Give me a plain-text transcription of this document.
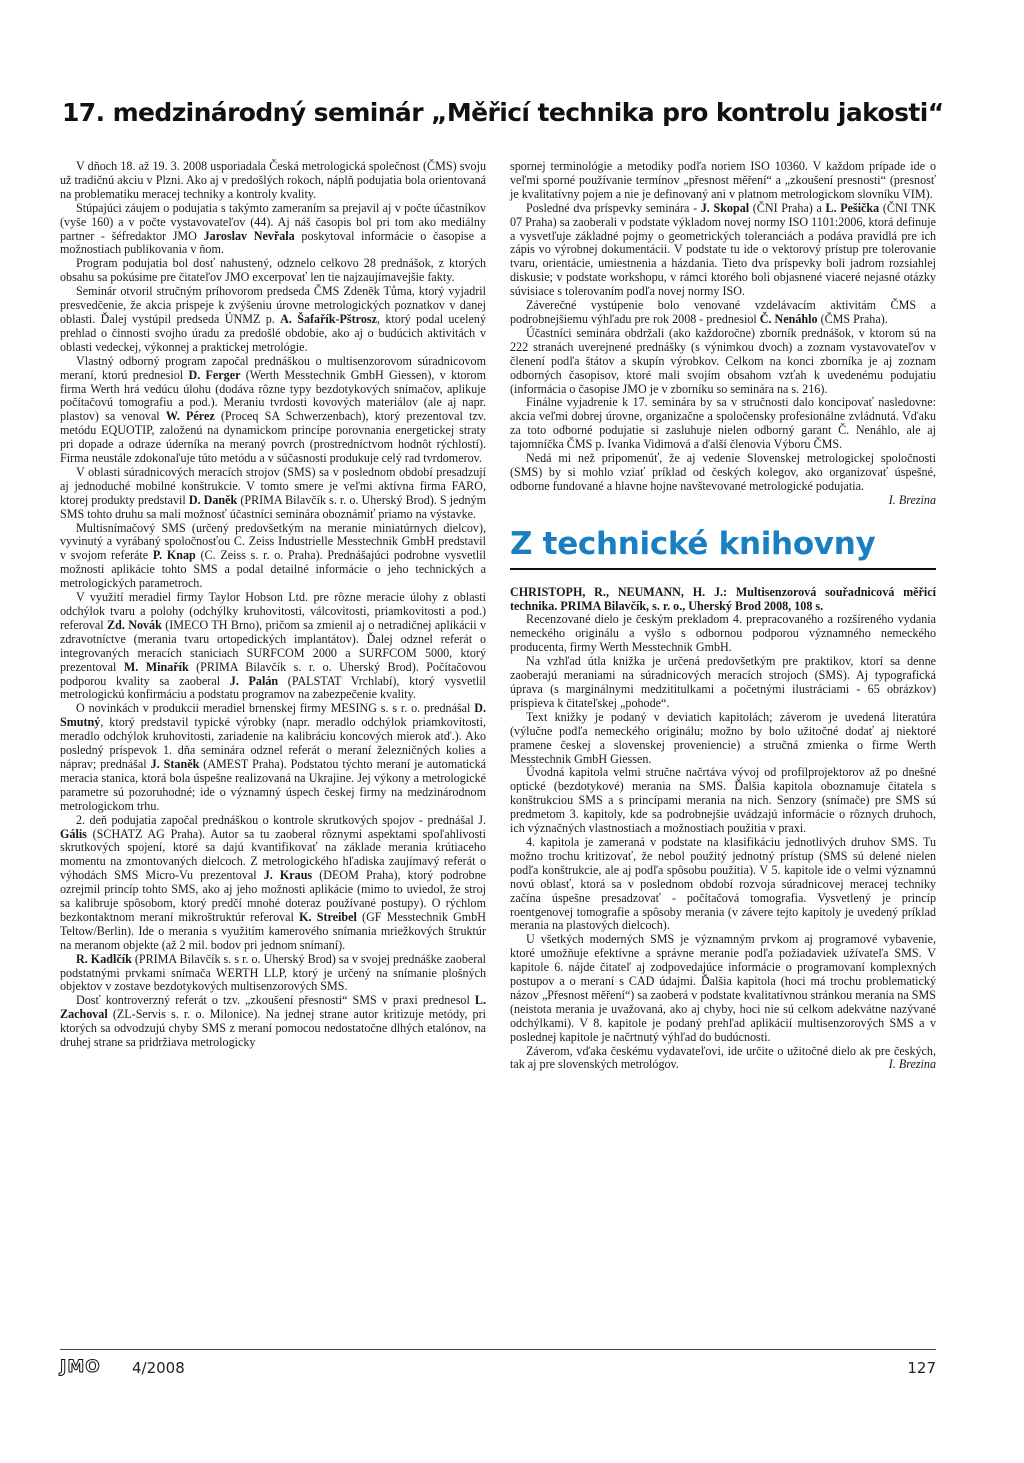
17. medzinárodný seminár „Měřicí technika pro kontrolu jakosti“

V dňoch 18. až 19. 3. 2008 usporiadala Česká metrologická společnost (ČMS) svoju už tradičnú akciu v Plzni. Ako aj v predošlých rokoch, náplň podujatia bola orientovaná na problematiku meracej techniky a kontroly kvality.

Stúpajúci záujem o podujatia s takýmto zameraním sa prejavil aj v počte účastníkov (vyše 160) a v počte vystavovateľov (44). Aj náš časopis bol pri tom ako mediálny partner - šéfredaktor JMO Jaroslav Nevřala poskytoval informácie o časopise a možnostiach publikovania v ňom.

Program podujatia bol dosť nahustený, odznelo celkovo 28 prednášok, z ktorých obsahu sa pokúsime pre čitateľov JMO excerpovať len tie najzaujímavejšie fakty.

Seminár otvoril stručným príhovorom predseda ČMS Zdeněk Tůma, ktorý vyjadril presvedčenie, že akcia prispeje k zvýšeniu úrovne metrologických poznatkov v danej oblasti. Ďalej vystúpil predseda ÚNMZ p. A. Šafařík-Pštrosz, ktorý podal ucelený prehlad o činnosti svojho úradu za predošlé obdobie, ako aj o budúcich aktivitách v oblasti vedeckej, výkonnej a praktickej metrológie.

Vlastný odborný program započal prednáškou o multisenzorovom súradnicovom meraní, ktorú prednesiol D. Ferger (Werth Messtechnik GmbH Giessen), v ktorom firma Werth hrá vedúcu úlohu (dodáva rôzne typy bezdotykových snímačov, aplikuje počítačovú tomografiu a pod.). Meraniu tvrdosti kovových materiálov (ale aj napr. plastov) sa venoval W. Pérez (Proceq SA Schwerzenbach), ktorý prezentoval tzv. metódu EQUOTIP, založenú na dynamickom princípe porovnania energetickej straty pri dopade a odraze úderníka na meraný povrch (prostredníctvom hodnôt rýchlostí). Firma neustále zdokonaľuje túto metódu a v súčasnosti produkuje celý rad tvrdomerov.

V oblasti súradnicových meracích strojov (SMS) sa v poslednom období presadzují aj jednoduché mobilné konštrukcie. V tomto smere je veľmi aktívna firma FARO, ktorej produkty predstavil D. Daněk (PRIMA Bilavčík s. r. o. Uherský Brod). S jedným SMS tohto druhu sa mali možnosť účastníci seminára oboznámiť priamo na výstavke.

Multisnímačový SMS (určený predovšetkým na meranie miniatúrnych dielcov), vyvinutý a vyrábaný spoločnosťou C. Zeiss Industrielle Messtechnik GmbH predstavil v svojom referáte P. Knap (C. Zeiss s. r. o. Praha). Prednášajúci podrobne vysvetlil možnosti aplikácie tohto SMS a podal detailné informácie o jeho technických a metrologických parametroch.

V využití meradiel firmy Taylor Hobson Ltd. pre rôzne meracie úlohy z oblasti odchýlok tvaru a polohy (odchýlky kruhovitosti, válcovitosti, priamkovitosti a pod.) referoval Zd. Novák (IMECO TH Brno), pričom sa zmienil aj o netradičnej aplikácii v zdravotníctve (merania tvaru ortopedických implantátov). Ďalej odznel referát o integrovaných meracích staniciach SURFCOM 2000 a SURFCOM 5000, ktorý prezentoval M. Minařík (PRIMA Bilavčík s. r. o. Uherský Brod). Počítačovou podporou kvality sa zaoberal J. Palán (PALSTAT Vrchlabí), ktorý vysvetlil metrologickú konfirmáciu a podstatu programov na zabezpečenie kvality.

O novinkách v produkcii meradiel brnenskej firmy MESING s. s r. o. prednášal D. Smutný, ktorý predstavil typické výrobky (napr. meradlo odchýlok priamkovitosti, meradlo odchýlok kruhovitosti, zariadenie na kalibráciu koncových mierok atď.). Ako posledný príspevok 1. dňa seminára odznel referát o meraní železničných kolies a náprav; prednášal J. Staněk (AMEST Praha). Podstatou týchto meraní je automatická meracia stanica, ktorá bola úspešne realizovaná na Ukrajine. Jej výkony a metrologické parametre sú pozoruhodné; ide o významný úspech českej firmy na medzinárodnom metrologickom trhu.

2. deň podujatia započal prednáškou o kontrole skrutkových spojov - prednášal J. Gális (SCHATZ AG Praha). Autor sa tu zaoberal rôznymi aspektami spoľahlivosti skrutkových spojení, ktoré sa dajú kvantifikovať na základe merania krútiaceho momentu na zmontovaných dielcoch. Z metrologického hľadiska zaujímavý referát o výhodách SMS Micro-Vu prezentoval J. Kraus (DEOM Praha), ktorý podrobne ozrejmil princíp tohto SMS, ako aj jeho možnosti aplikácie (mimo to uviedol, že stroj sa kalibruje spôsobom, ktorý predčí mnohé doteraz používané postupy). O rýchlom bezkontaktnom meraní mikroštruktúr referoval K. Streibel (GF Messtechnik GmbH Teltow/Berlin). Ide o merania s využitím kamerového snímania mriežkových štruktúr na meranom objekte (až 2 mil. bodov pri jednom snímaní).

R. Kadlčík (PRIMA Bilavčík s. s r. o. Uherský Brod) sa v svojej prednáške zaoberal podstatnými prvkami snímača WERTH LLP, ktorý je určený na snímanie plošných objektov v zostave bezdotykových multisenzorových SMS.

Dosť kontroverzný referát o tzv. „zkoušení přesnosti“ SMS v praxi prednesol L. Zachoval (ZL-Servis s. r. o. Milonice). Na jednej strane autor kritizuje metódy, pri ktorých sa odvodzujú chyby SMS z meraní pomocou nedostatočne dlhých etalónov, na druhej strane sa pridržiava metrologicky

spornej terminológie a metodiky podľa noriem ISO 10360. V každom prípade ide o veľmi sporné používanie termínov „přesnost měření“ a „zkoušení presnosti“ (presnosť je kvalitatívny pojem a nie je definovaný ani v platnom metrologickom slovníku VIM).

Posledné dva príspevky seminára - J. Skopal (ČNI Praha) a L. Pešička (ČNI TNK 07 Praha) sa zaoberali v podstate výkladom novej normy ISO 1101:2006, ktorá definuje a vysvetľuje základné pojmy o geometrických toleranciách a podáva pravidlá pre ich zápis vo výrobnej dokumentácii. V podstate tu ide o vektorový prístup pre tolerovanie tvaru, orientácie, umiestnenia a házdania. Tieto dva príspevky boli jadrom rozsiahlej diskusie; v podstate workshopu, v rámci ktorého boli objasnené viaceré nejasné otázky súvisiace s tolerovaním podľa novej normy ISO.

Záverečné vystúpenie bolo venované vzdelávacím aktivitám ČMS a podrobnejšiemu výhľadu pre rok 2008 - prednesiol Č. Nenáhlo (ČMS Praha).

Účastníci seminára obdržali (ako každoročne) zborník prednášok, v ktorom sú na 222 stranách uverejnené prednášky (s výnimkou dvoch) a zoznam vystavovateľov v členení podľa štátov a skupín výrobkov. Celkom na konci zborníka je aj zoznam odborných časopisov, ktoré mali svojím obsahom vzťah k uvedenému podujatiu (informácia o časopise JMO je v zborníku so seminára na s. 216).

Finálne vyjadrenie k 17. seminára by sa v stručnosti dalo koncipovať nasledovne: akcia veľmi dobrej úrovne, organizačne a spoločensky profesionálne zvládnutá. Vďaku za toto odborné podujatie si zasluhuje nielen odborný garant Č. Nenáhlo, ale aj tajomníčka ČMS p. Ivanka Vidimová a ďalší členovia Výboru ČMS.

Nedá mi než pripomenúť, že aj vedenie Slovenskej metrologickej spoločnosti (SMS) by si mohlo vziať príklad od českých kolegov, ako organizovať úspešné, odborne fundované a hlavne hojne navštevované metrologické podujatia.

I. Brezina

Z technické knihovny

CHRISTOPH, R., NEUMANN, H. J.: Multisenzorová souřadnicová měřicí technika. PRIMA Bilavčík, s. r. o., Uherský Brod 2008, 108 s.

Recenzované dielo je českým prekladom 4. prepracovaného a rozšíreného vydania nemeckého originálu a vyšlo s odbornou podporou významného nemeckého producenta, firmy Werth Messtechnik GmbH.

Na vzhľad útla knižka je určená predovšetkým pre praktikov, ktorí sa denne zaoberajú meraniami na súradnicových meracích strojoch (SMS). Aj typografická úprava (s marginálnymi medzititulkami a početnými ilustráciami - 65 obrázkov) prispieva k čitateľskej „pohode“.

Text knižky je podaný v deviatich kapitolách; záverom je uvedená literatúra (výlučne podľa nemeckého originálu; možno by bolo užitočné dodať aj niektoré pramene českej a slovenskej proveniencie) a stručná zmienka o firme Werth Messtechnik GmbH Giessen.

Úvodná kapitola velmi stručne načrtáva vývoj od profilprojektorov až po dnešné optické (bezdotykové) merania na SMS. Ďalšia kapitola oboznamuje čitatela s konštrukciou SMS a s princípami merania na nich. Senzory (snímače) pre SMS sú predmetom 3. kapitoly, kde sa podrobnejšie uvádzajú informácie o rôznych druhoch, ich význačných vlastnostiach a možnostiach použitia v praxi.

4. kapitola je zameraná v podstate na klasifikáciu jednotlivých druhov SMS. Tu možno trochu kritizovať, že nebol použitý jednotný prístup (SMS sú delené nielen podľa konštrukcie, ale aj podľa spôsobu použitia). V 5. kapitole ide o velmi významnú novú oblasť, ktorá sa v poslednom období rozvoja súradnicovej meracej techniky začína úspešne presadzovať - počítačová tomografia. Vysvetlený je princíp roentgenovej tomografie a spôsoby merania (v závere tejto kapitoly je uvedený príklad merania na plastových dielcoch).

U všetkých moderných SMS je významným prvkom aj programové vybavenie, ktoré umožňuje efektívne a správne meranie podľa požiadaviek užívateľa SMS. V kapitole 6. nájde čitateľ aj zodpovedajúce informácie o programovaní komplexných postupov a o meraní s CAD údajmi. Ďalšia kapitola (hoci má trochu problematický názov „Přesnost měření“) sa zaoberá v podstate kvalitatívnou stránkou merania na SMS (neistota merania je uvažovaná, ako aj chyby, hoci nie sú celkom adekvátne nazývané odchýlkami). V 8. kapitole je podaný prehľad aplikácií multisenzorových SMS a v poslednej kapitole je načrtnutý výhľad do budúcnosti.

Záverom, vďaka českému vydavateľovi, ide určite o užitočné dielo ak pre českých, tak aj pre slovenských metrológov.	I. Brezina

JMO 4/2008	127
